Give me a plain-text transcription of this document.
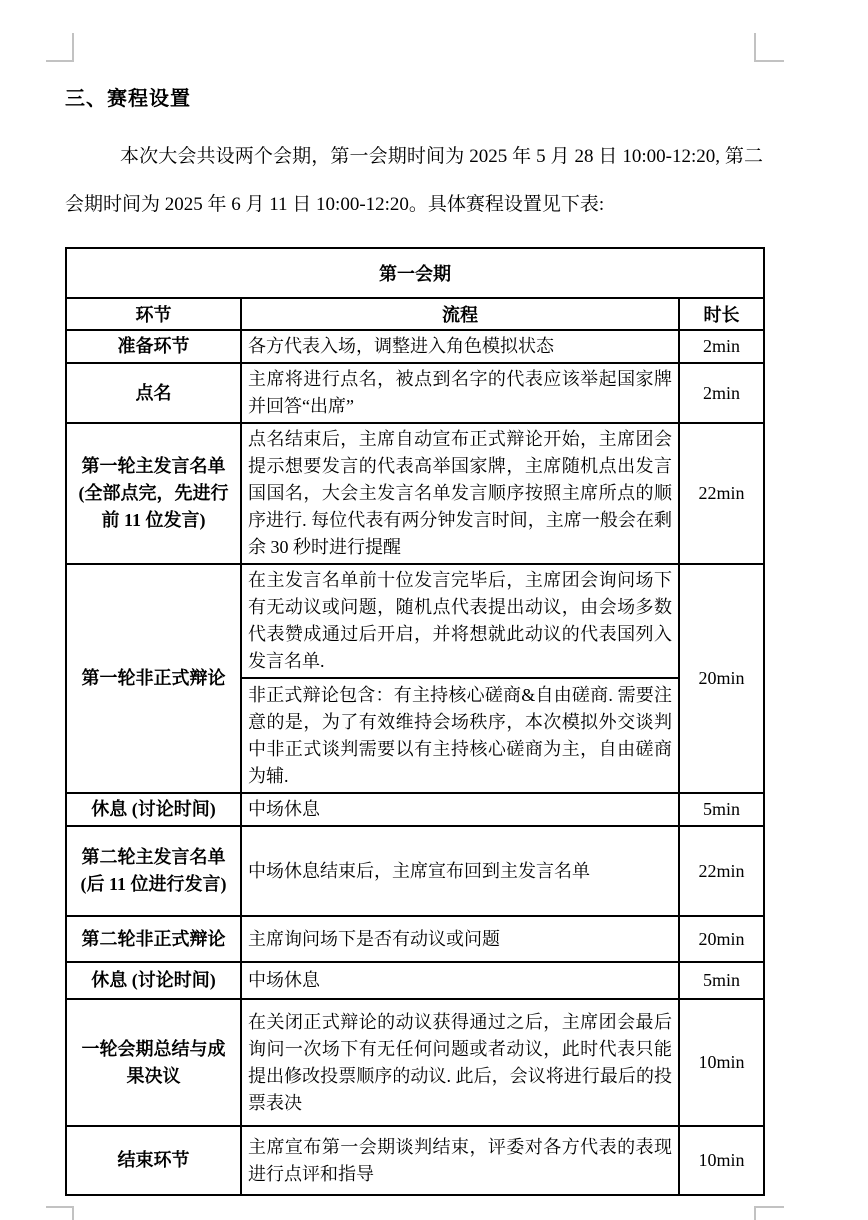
三、赛程设置

本次大会共设两个会期，第一会期时间为 2025 年 5 月 28 日 10:00-12:20, 第二会期时间为 2025 年 6 月 11 日 10:00-12:20。具体赛程设置见下表:

第一会期		
环节	流程	时长
准备环节	各方代表入场，调整进入角色模拟状态	2min
点名	主席将进行点名，被点到名字的代表应该举起国家牌并回答“出席”	2min
第一轮主发言名单 (全部点完，先进行前 11 位发言)	点名结束后，主席自动宣布正式辩论开始，主席团会提示想要发言的代表高举国家牌，主席随机点出发言国国名，大会主发言名单发言顺序按照主席所点的顺序进行. 每位代表有两分钟发言时间，主席一般会在剩余 30 秒时进行提醒	22min
第一轮非正式辩论	在主发言名单前十位发言完毕后，主席团会询问场下有无动议或问题，随机点代表提出动议，由会场多数代表赞成通过后开启，并将想就此动议的代表国列入发言名单.	20min
	非正式辩论包含：有主持核心磋商&自由磋商. 需要注意的是，为了有效维持会场秩序，本次模拟外交谈判中非正式谈判需要以有主持核心磋商为主，自由磋商为辅.	
休息 (讨论时间)	中场休息	5min
第二轮主发言名单 (后 11 位进行发言)	中场休息结束后，主席宣布回到主发言名单	22min
第二轮非正式辩论	主席询问场下是否有动议或问题	20min
休息 (讨论时间)	中场休息	5min
一轮会期总结与成果决议	在关闭正式辩论的动议获得通过之后，主席团会最后询问一次场下有无任何问题或者动议，此时代表只能提出修改投票顺序的动议. 此后，会议将进行最后的投票表决	10min
结束环节	主席宣布第一会期谈判结束，评委对各方代表的表现进行点评和指导	10min
